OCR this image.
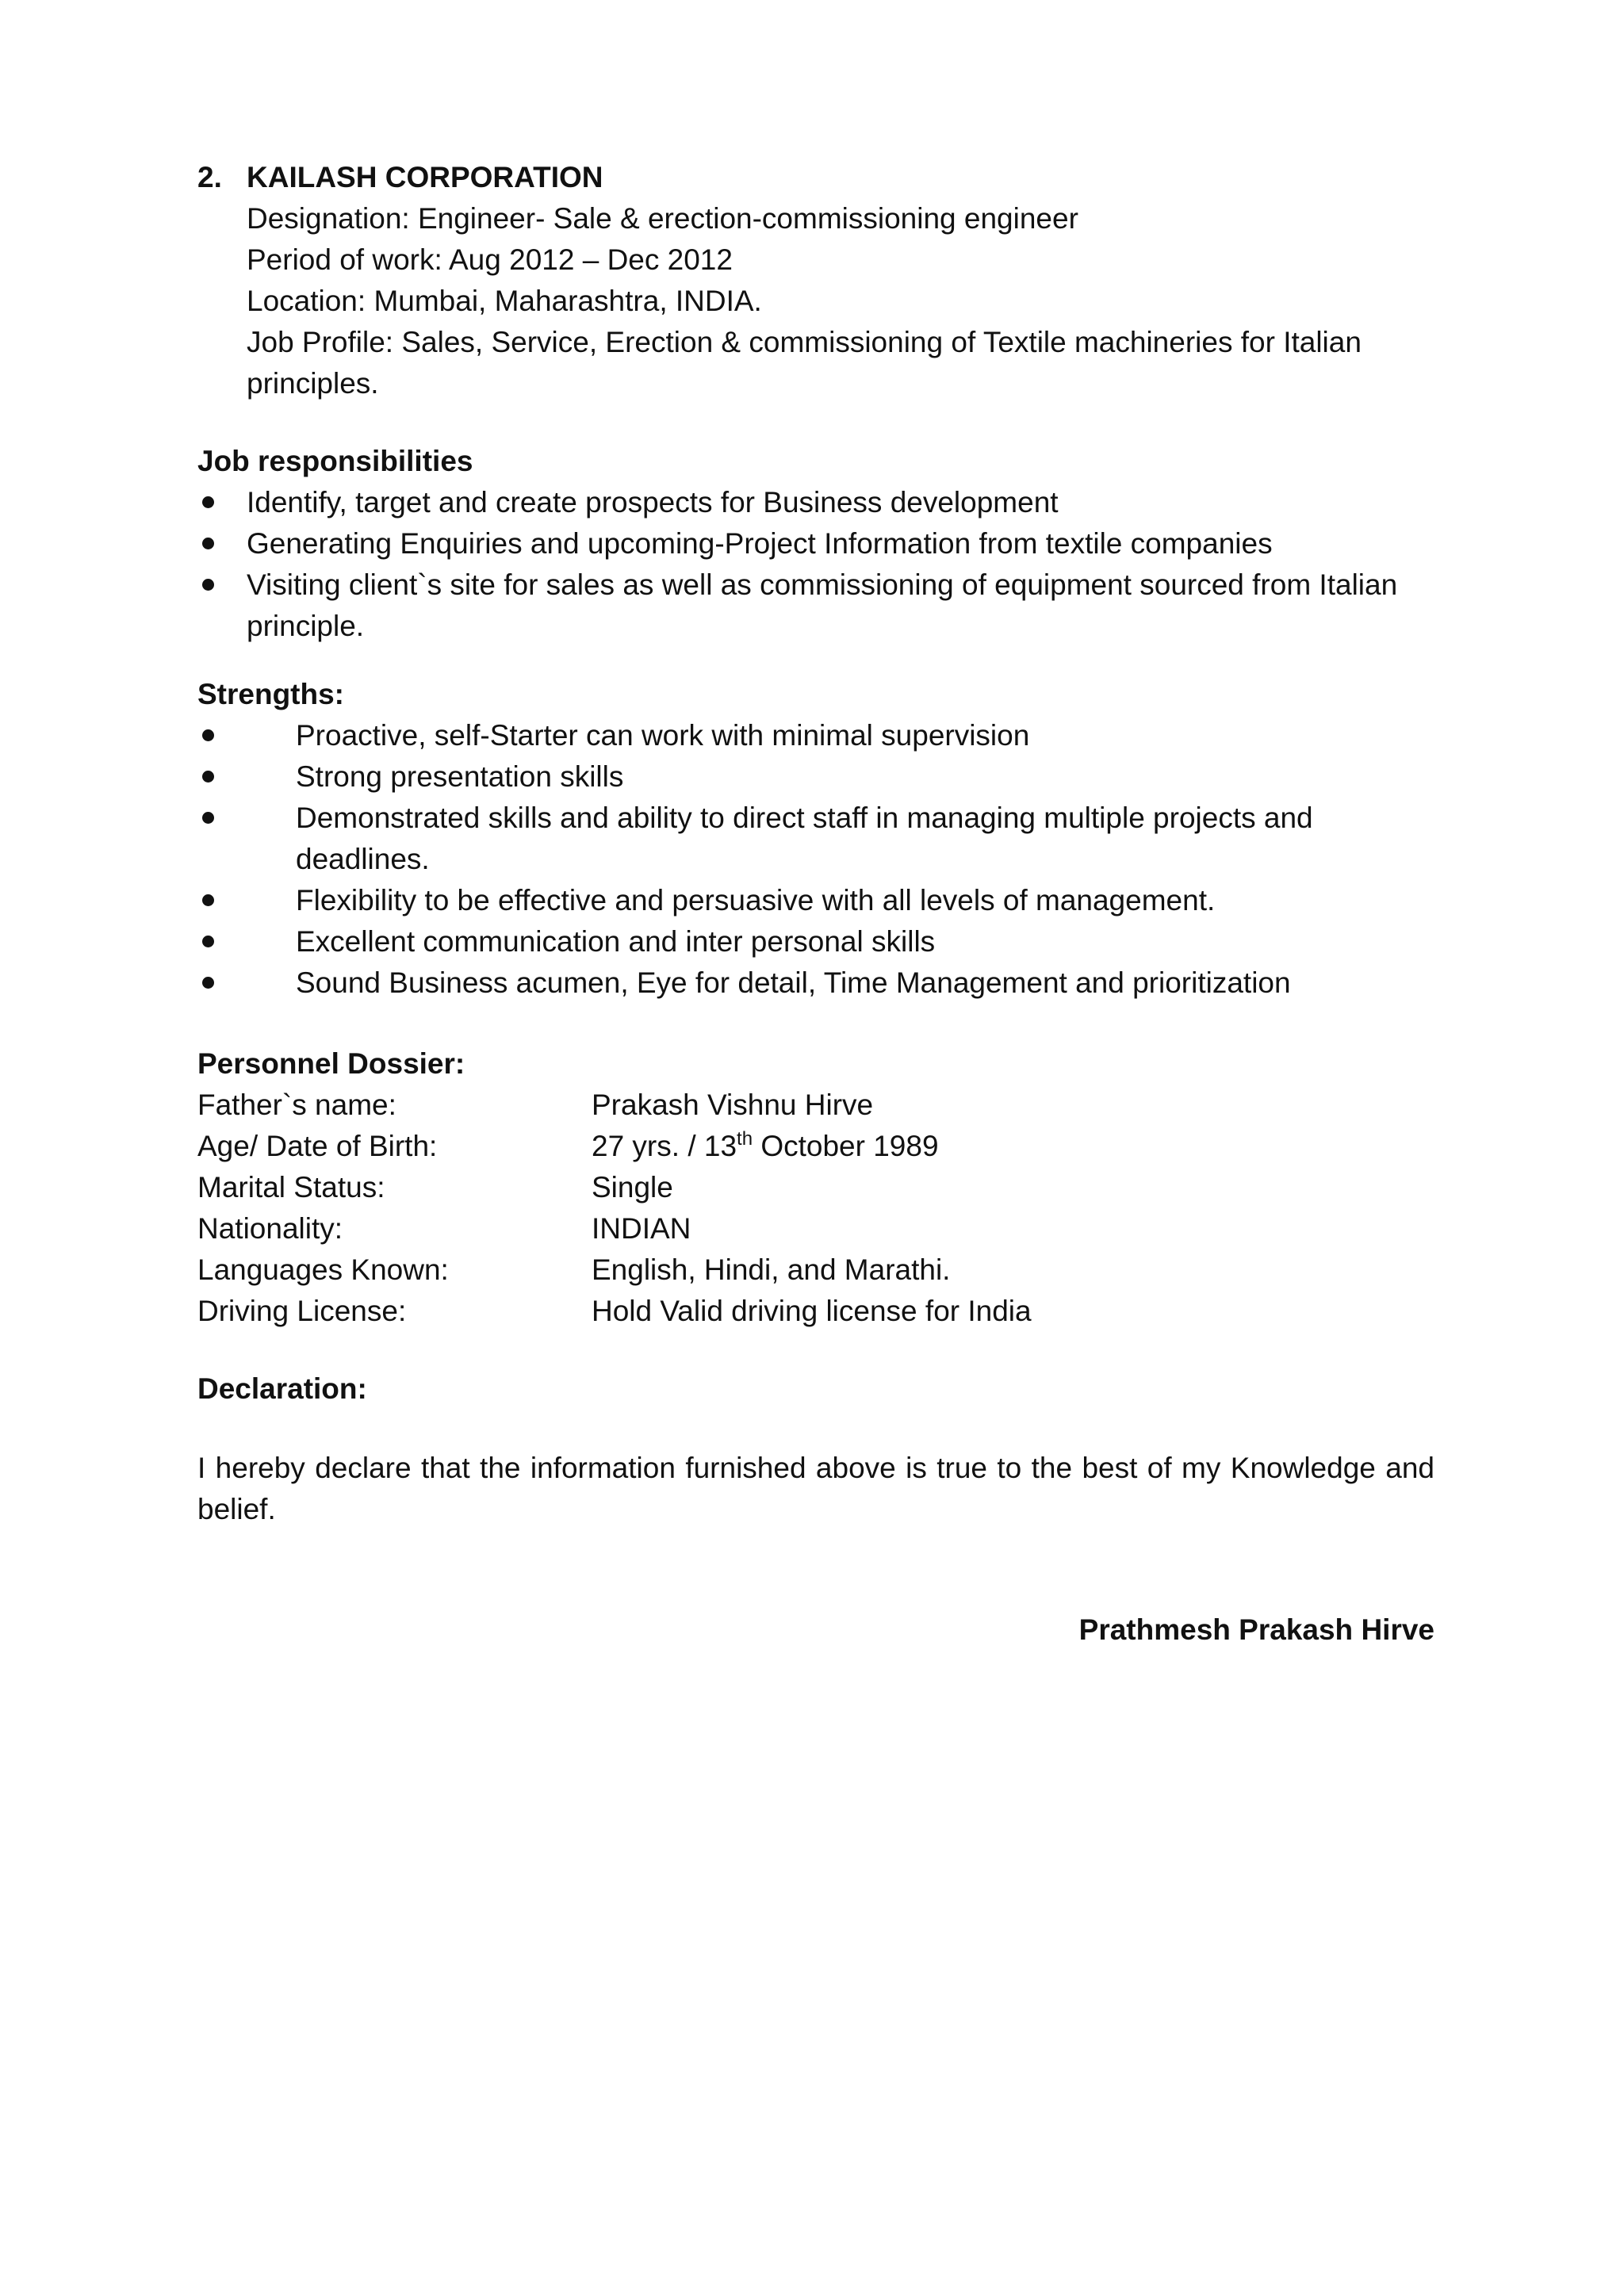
2. KAILASH CORPORATION
Designation: Engineer- Sale & erection-commissioning engineer
Period of work: Aug 2012 – Dec 2012
Location: Mumbai, Maharashtra, INDIA.
Job Profile: Sales, Service, Erection & commissioning of Textile machineries for Italian principles.
Job responsibilities
Identify, target and create prospects for Business development
Generating Enquiries and upcoming-Project Information from textile companies
Visiting client`s site for sales as well as commissioning of equipment sourced from Italian principle.
Strengths:
Proactive, self-Starter can work with minimal supervision
Strong presentation skills
Demonstrated skills and ability to direct staff in managing multiple projects and deadlines.
Flexibility to be effective and persuasive with all levels of management.
Excellent communication and inter personal skills
Sound Business acumen, Eye for detail, Time Management and prioritization
Personnel Dossier:
Father`s name:	Prakash Vishnu Hirve
Age/ Date of Birth:	27 yrs. / 13th October 1989
Marital Status:	Single
Nationality:	INDIAN
Languages Known:	English, Hindi, and Marathi.
Driving License:	Hold Valid driving license for India
Declaration:
I hereby declare that the information furnished above is true to the best of my Knowledge and belief.
Prathmesh Prakash Hirve
